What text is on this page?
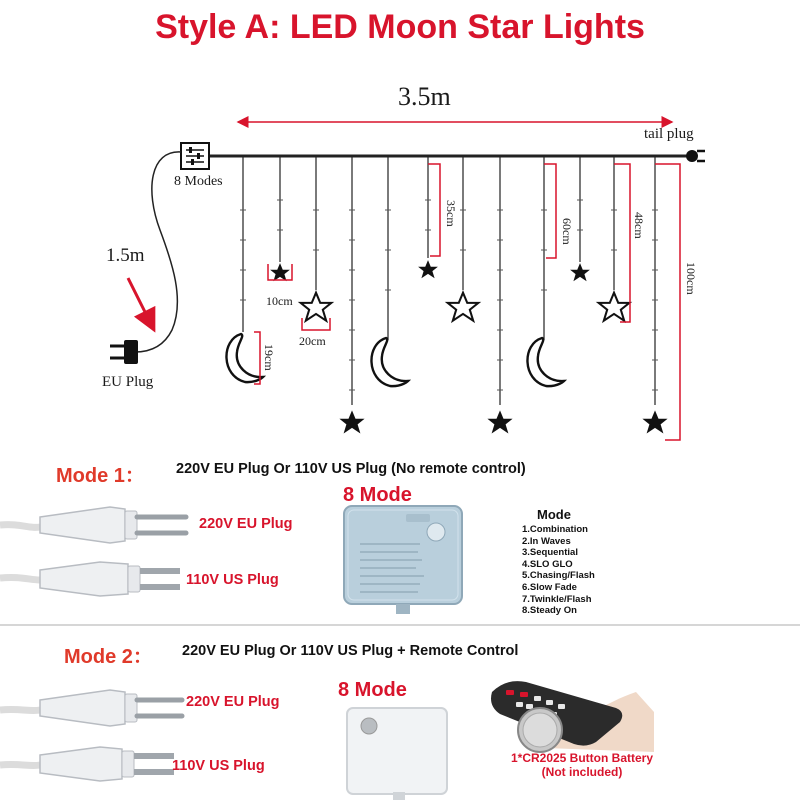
Style A: LED Moon Star Lights
3.5m
tail plug
8 Modes
1.5m
EU Plug
10cm
20cm
19cm
35cm
60cm	48cm
100cm
Mode 1： 220V EU Plug Or 110V US Plug (No remote control)
220V EU Plug
110V US Plug
8 Mode
Mode
1.Combination
2.In Waves
3.Sequential
4.SLO GLO
5.Chasing/Flash
6.Slow Fade
7.Twinkle/Flash
8.Steady On
Mode 2： 220V EU Plug Or 110V US Plug + Remote Control
220V EU Plug
110V US Plug
8 Mode
1*CR2025 Button Battery
(Not included)
